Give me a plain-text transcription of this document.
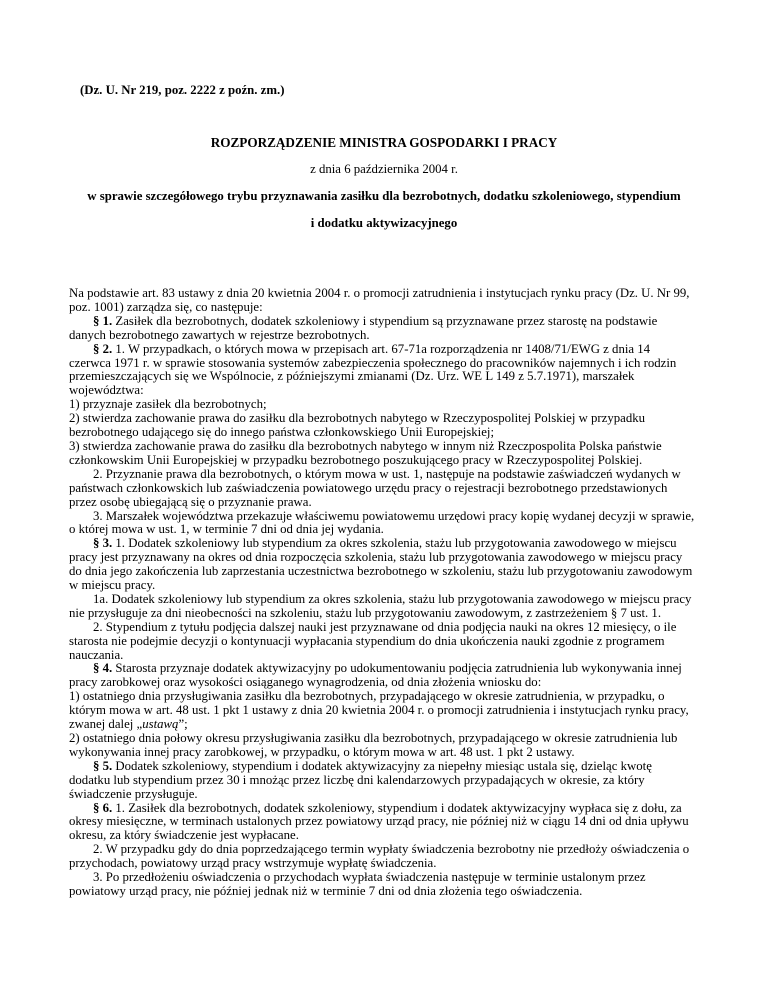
(Dz. U. Nr 219, poz. 2222 z poźn. zm.)
ROZPORZĄDZENIE MINISTRA GOSPODARKI I PRACY
z dnia 6 października 2004 r.
w sprawie szczegółowego trybu przyznawania zasiłku dla bezrobotnych, dodatku szkoleniowego, stypendium
i dodatku aktywizacyjnego

Na podstawie art. 83 ustawy z dnia 20 kwietnia 2004 r. o promocji zatrudnienia i instytucjach rynku pracy (Dz. U. Nr 99, poz. 1001) zarządza się, co następuje:

§ 1. Zasiłek dla bezrobotnych, dodatek szkoleniowy i stypendium są przyznawane przez starostę na podstawie danych bezrobotnego zawartych w rejestrze bezrobotnych.

§ 2. 1. W przypadkach, o których mowa w przepisach art. 67-71a rozporządzenia nr 1408/71/EWG z dnia 14 czerwca 1971 r. w sprawie stosowania systemów zabezpieczenia społecznego do pracowników najemnych i ich rodzin przemieszczających się we Wspólnocie, z późniejszymi zmianami (Dz. Urz. WE L 149 z 5.7.1971), marszałek województwa:

1) przyznaje zasiłek dla bezrobotnych;

2) stwierdza zachowanie prawa do zasiłku dla bezrobotnych nabytego w Rzeczypospolitej Polskiej w przypadku bezrobotnego udającego się do innego państwa członkowskiego Unii Europejskiej;

3) stwierdza zachowanie prawa do zasiłku dla bezrobotnych nabytego w innym niż Rzeczpospolita Polska państwie członkowskim Unii Europejskiej w przypadku bezrobotnego poszukującego pracy w Rzeczypospolitej Polskiej.

2. Przyznanie prawa dla bezrobotnych, o którym mowa w ust. 1, następuje na podstawie zaświadczeń wydanych w państwach członkowskich lub zaświadczenia powiatowego urzędu pracy o rejestracji bezrobotnego przedstawionych przez osobę ubiegającą się o przyznanie prawa.

3. Marszałek województwa przekazuje właściwemu powiatowemu urzędowi pracy kopię wydanej decyzji w sprawie, o której mowa w ust. 1, w terminie 7 dni od dnia jej wydania.

§ 3. 1. Dodatek szkoleniowy lub stypendium za okres szkolenia, stażu lub przygotowania zawodowego w miejscu pracy jest przyznawany na okres od dnia rozpoczęcia szkolenia, stażu lub przygotowania zawodowego w miejscu pracy do dnia jego zakończenia lub zaprzestania uczestnictwa bezrobotnego w szkoleniu, stażu lub przygotowaniu zawodowym w miejscu pracy.

1a. Dodatek szkoleniowy lub stypendium za okres szkolenia, stażu lub przygotowania zawodowego w miejscu pracy nie przysługuje za dni nieobecności na szkoleniu, stażu lub przygotowaniu zawodowym, z zastrzeżeniem § 7 ust. 1.

2. Stypendium z tytułu podjęcia dalszej nauki jest przyznawane od dnia podjęcia nauki na okres 12 miesięcy, o ile starosta nie podejmie decyzji o kontynuacji wypłacania stypendium do dnia ukończenia nauki zgodnie z programem nauczania.

§ 4. Starosta przyznaje dodatek aktywizacyjny po udokumentowaniu podjęcia zatrudnienia lub wykonywania innej pracy zarobkowej oraz wysokości osiąganego wynagrodzenia, od dnia złożenia wniosku do:

1) ostatniego dnia przysługiwania zasiłku dla bezrobotnych, przypadającego w okresie zatrudnienia, w przypadku, o którym mowa w art. 48 ust. 1 pkt 1 ustawy z dnia 20 kwietnia 2004 r. o promocji zatrudnienia i instytucjach rynku pracy, zwanej dalej „ustawą”;

2) ostatniego dnia połowy okresu przysługiwania zasiłku dla bezrobotnych, przypadającego w okresie zatrudnienia lub wykonywania innej pracy zarobkowej, w przypadku, o którym mowa w art. 48 ust. 1 pkt 2 ustawy.

§ 5. Dodatek szkoleniowy, stypendium i dodatek aktywizacyjny za niepełny miesiąc ustala się, dzieląc kwotę dodatku lub stypendium przez 30 i mnożąc przez liczbę dni kalendarzowych przypadających w okresie, za który świadczenie przysługuje.

§ 6. 1. Zasiłek dla bezrobotnych, dodatek szkoleniowy, stypendium i dodatek aktywizacyjny wypłaca się z dołu, za okresy miesięczne, w terminach ustalonych przez powiatowy urząd pracy, nie później niż w ciągu 14 dni od dnia upływu okresu, za który świadczenie jest wypłacane.

2. W przypadku gdy do dnia poprzedzającego termin wypłaty świadczenia bezrobotny nie przedłoży oświadczenia o przychodach, powiatowy urząd pracy wstrzymuje wypłatę świadczenia.

3. Po przedłożeniu oświadczenia o przychodach wypłata świadczenia następuje w terminie ustalonym przez powiatowy urząd pracy, nie później jednak niż w terminie 7 dni od dnia złożenia tego oświadczenia.
